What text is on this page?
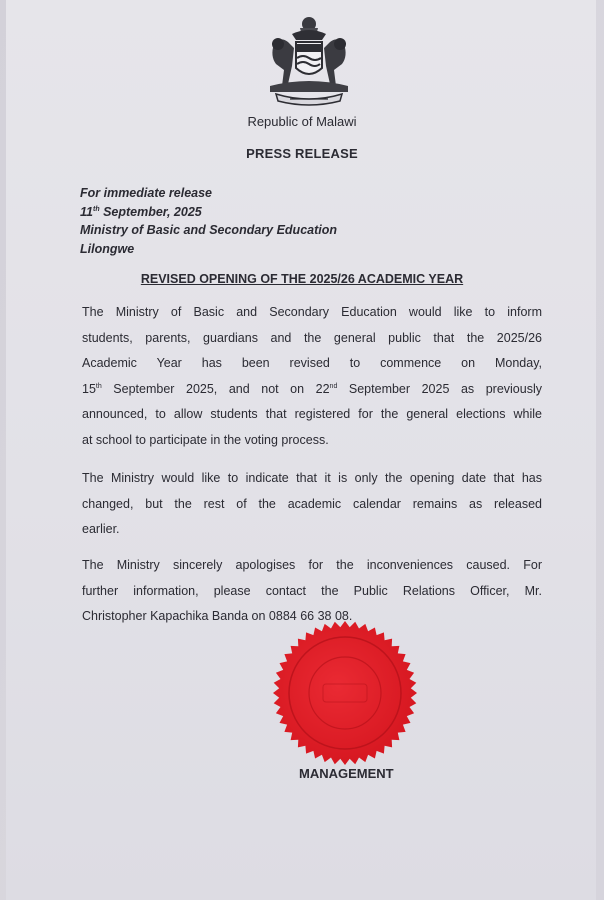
Republic of Malawi
PRESS RELEASE
For immediate release
11th September, 2025
Ministry of Basic and Secondary Education
Lilongwe
REVISED OPENING OF THE 2025/26 ACADEMIC YEAR
The Ministry of Basic and Secondary Education would like to inform
students, parents, guardians and the general public that the 2025/26
Academic Year has been revised to commence on Monday,
15th September 2025, and not on 22nd September 2025 as previously
announced, to allow students that registered for the general elections while
at school to participate in the voting process.
The Ministry would like to indicate that it is only the opening date that has
changed, but the rest of the academic calendar remains as released
earlier.
The Ministry sincerely apologises for the inconveniences caused. For
further information, please contact the Public Relations Officer, Mr.
Christopher Kapachika Banda on 0884 66 38 08.
MANAGEMENT
